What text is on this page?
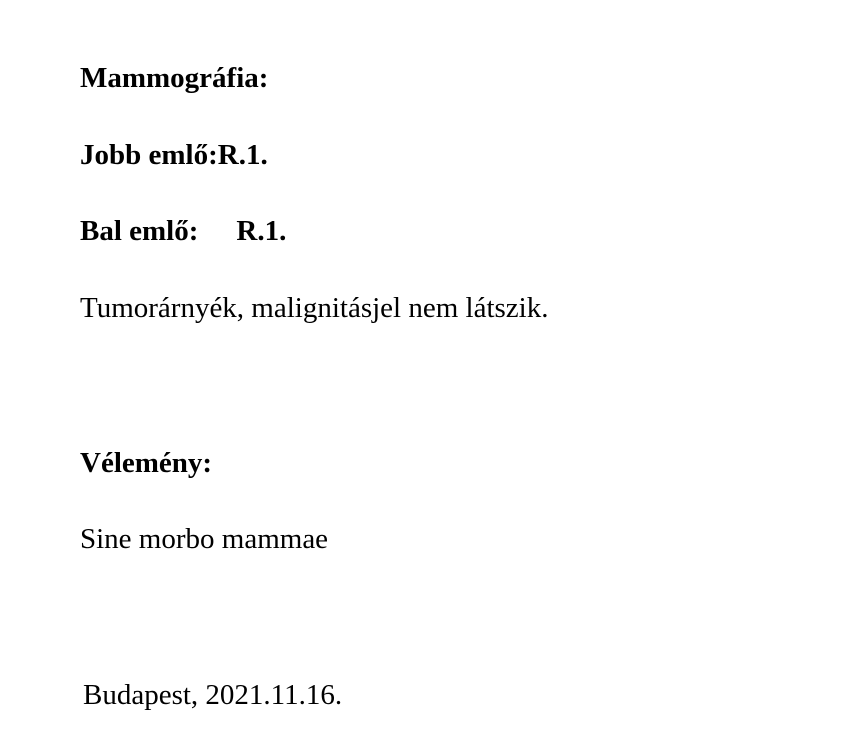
Mammográfia:

Jobb emlő:R.1.

Bal emlő: R.1.

Tumorárnyék, malignitásjel nem látszik.

Vélemény:

Sine morbo mammae

Budapest, 2021.11.16.
